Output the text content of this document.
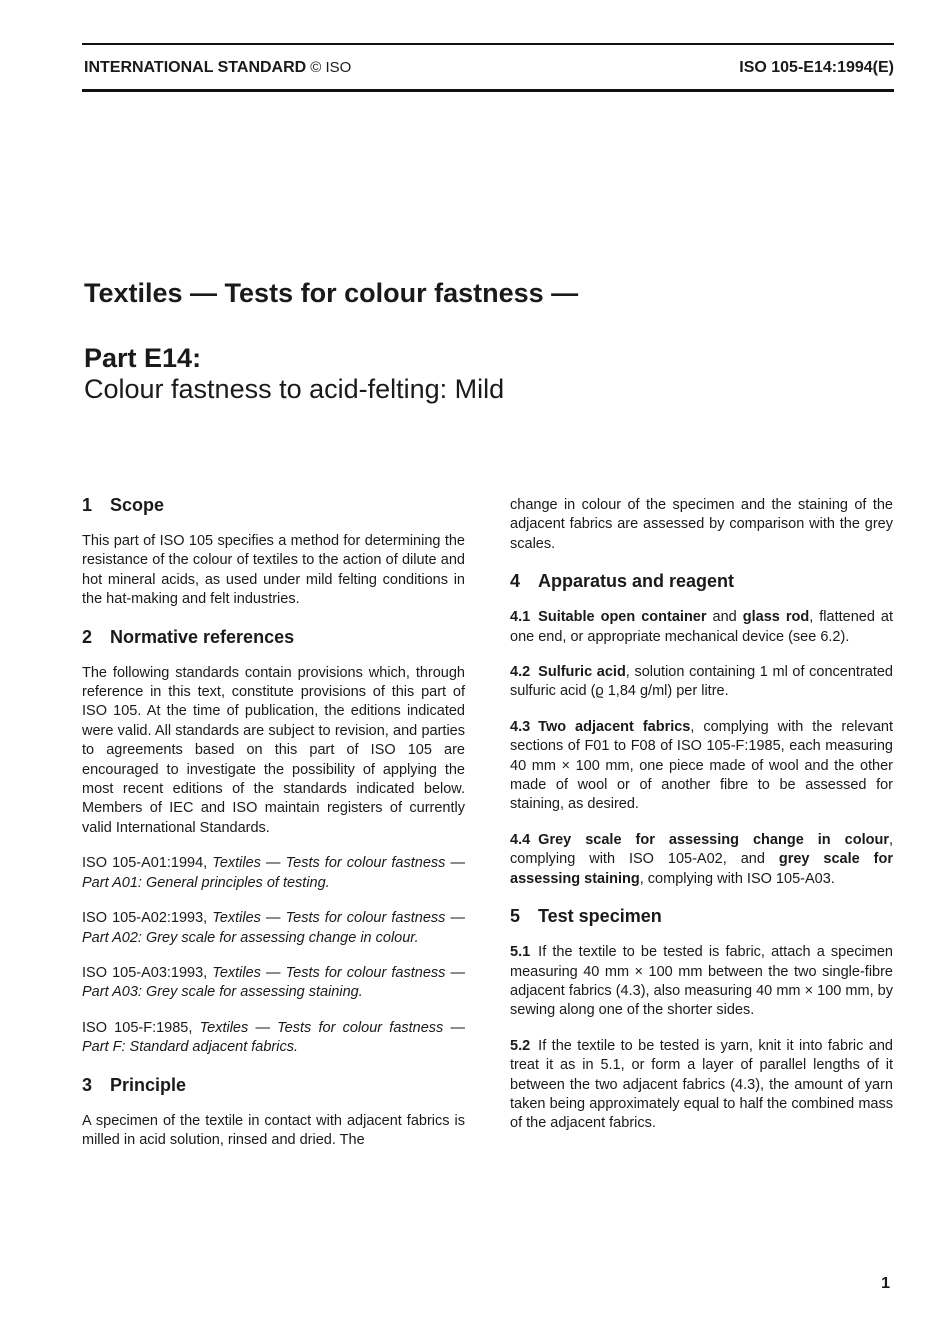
INTERNATIONAL STANDARD © ISO	ISO 105-E14:1994(E)
Textiles — Tests for colour fastness —
Part E14:
Colour fastness to acid-felting: Mild
1 Scope

This part of ISO 105 specifies a method for determining the resistance of the colour of textiles to the action of dilute and hot mineral acids, as used under mild felting conditions in the hat-making and felt industries.

2 Normative references

The following standards contain provisions which, through reference in this text, constitute provisions of this part of ISO 105. At the time of publication, the editions indicated were valid. All standards are subject to revision, and parties to agreements based on this part of ISO 105 are encouraged to investigate the possibility of applying the most recent editions of the standards indicated below. Members of IEC and ISO maintain registers of currently valid International Standards.

ISO 105-A01:1994, Textiles — Tests for colour fastness — Part A01: General principles of testing.

ISO 105-A02:1993, Textiles — Tests for colour fastness — Part A02: Grey scale for assessing change in colour.

ISO 105-A03:1993, Textiles — Tests for colour fastness — Part A03: Grey scale for assessing staining.

ISO 105-F:1985, Textiles — Tests for colour fastness — Part F: Standard adjacent fabrics.

3 Principle

A specimen of the textile in contact with adjacent fabrics is milled in acid solution, rinsed and dried. The

change in colour of the specimen and the staining of the adjacent fabrics are assessed by comparison with the grey scales.

4 Apparatus and reagent

4.1 Suitable open container and glass rod, flattened at one end, or appropriate mechanical device (see 6.2).

4.2 Sulfuric acid, solution containing 1 ml of concentrated sulfuric acid (ϱ 1,84 g/ml) per litre.

4.3 Two adjacent fabrics, complying with the relevant sections of F01 to F08 of ISO 105-F:1985, each measuring 40 mm × 100 mm, one piece made of wool and the other made of wool or of another fibre to be assessed for staining, as desired.

4.4 Grey scale for assessing change in colour, complying with ISO 105-A02, and grey scale for assessing staining, complying with ISO 105-A03.

5 Test specimen

5.1 If the textile to be tested is fabric, attach a specimen measuring 40 mm × 100 mm between the two single-fibre adjacent fabrics (4.3), also measuring 40 mm × 100 mm, by sewing along one of the shorter sides.

5.2 If the textile to be tested is yarn, knit it into fabric and treat it as in 5.1, or form a layer of parallel lengths of it between the two adjacent fabrics (4.3), the amount of yarn taken being approximately equal to half the combined mass of the adjacent fabrics.

1
